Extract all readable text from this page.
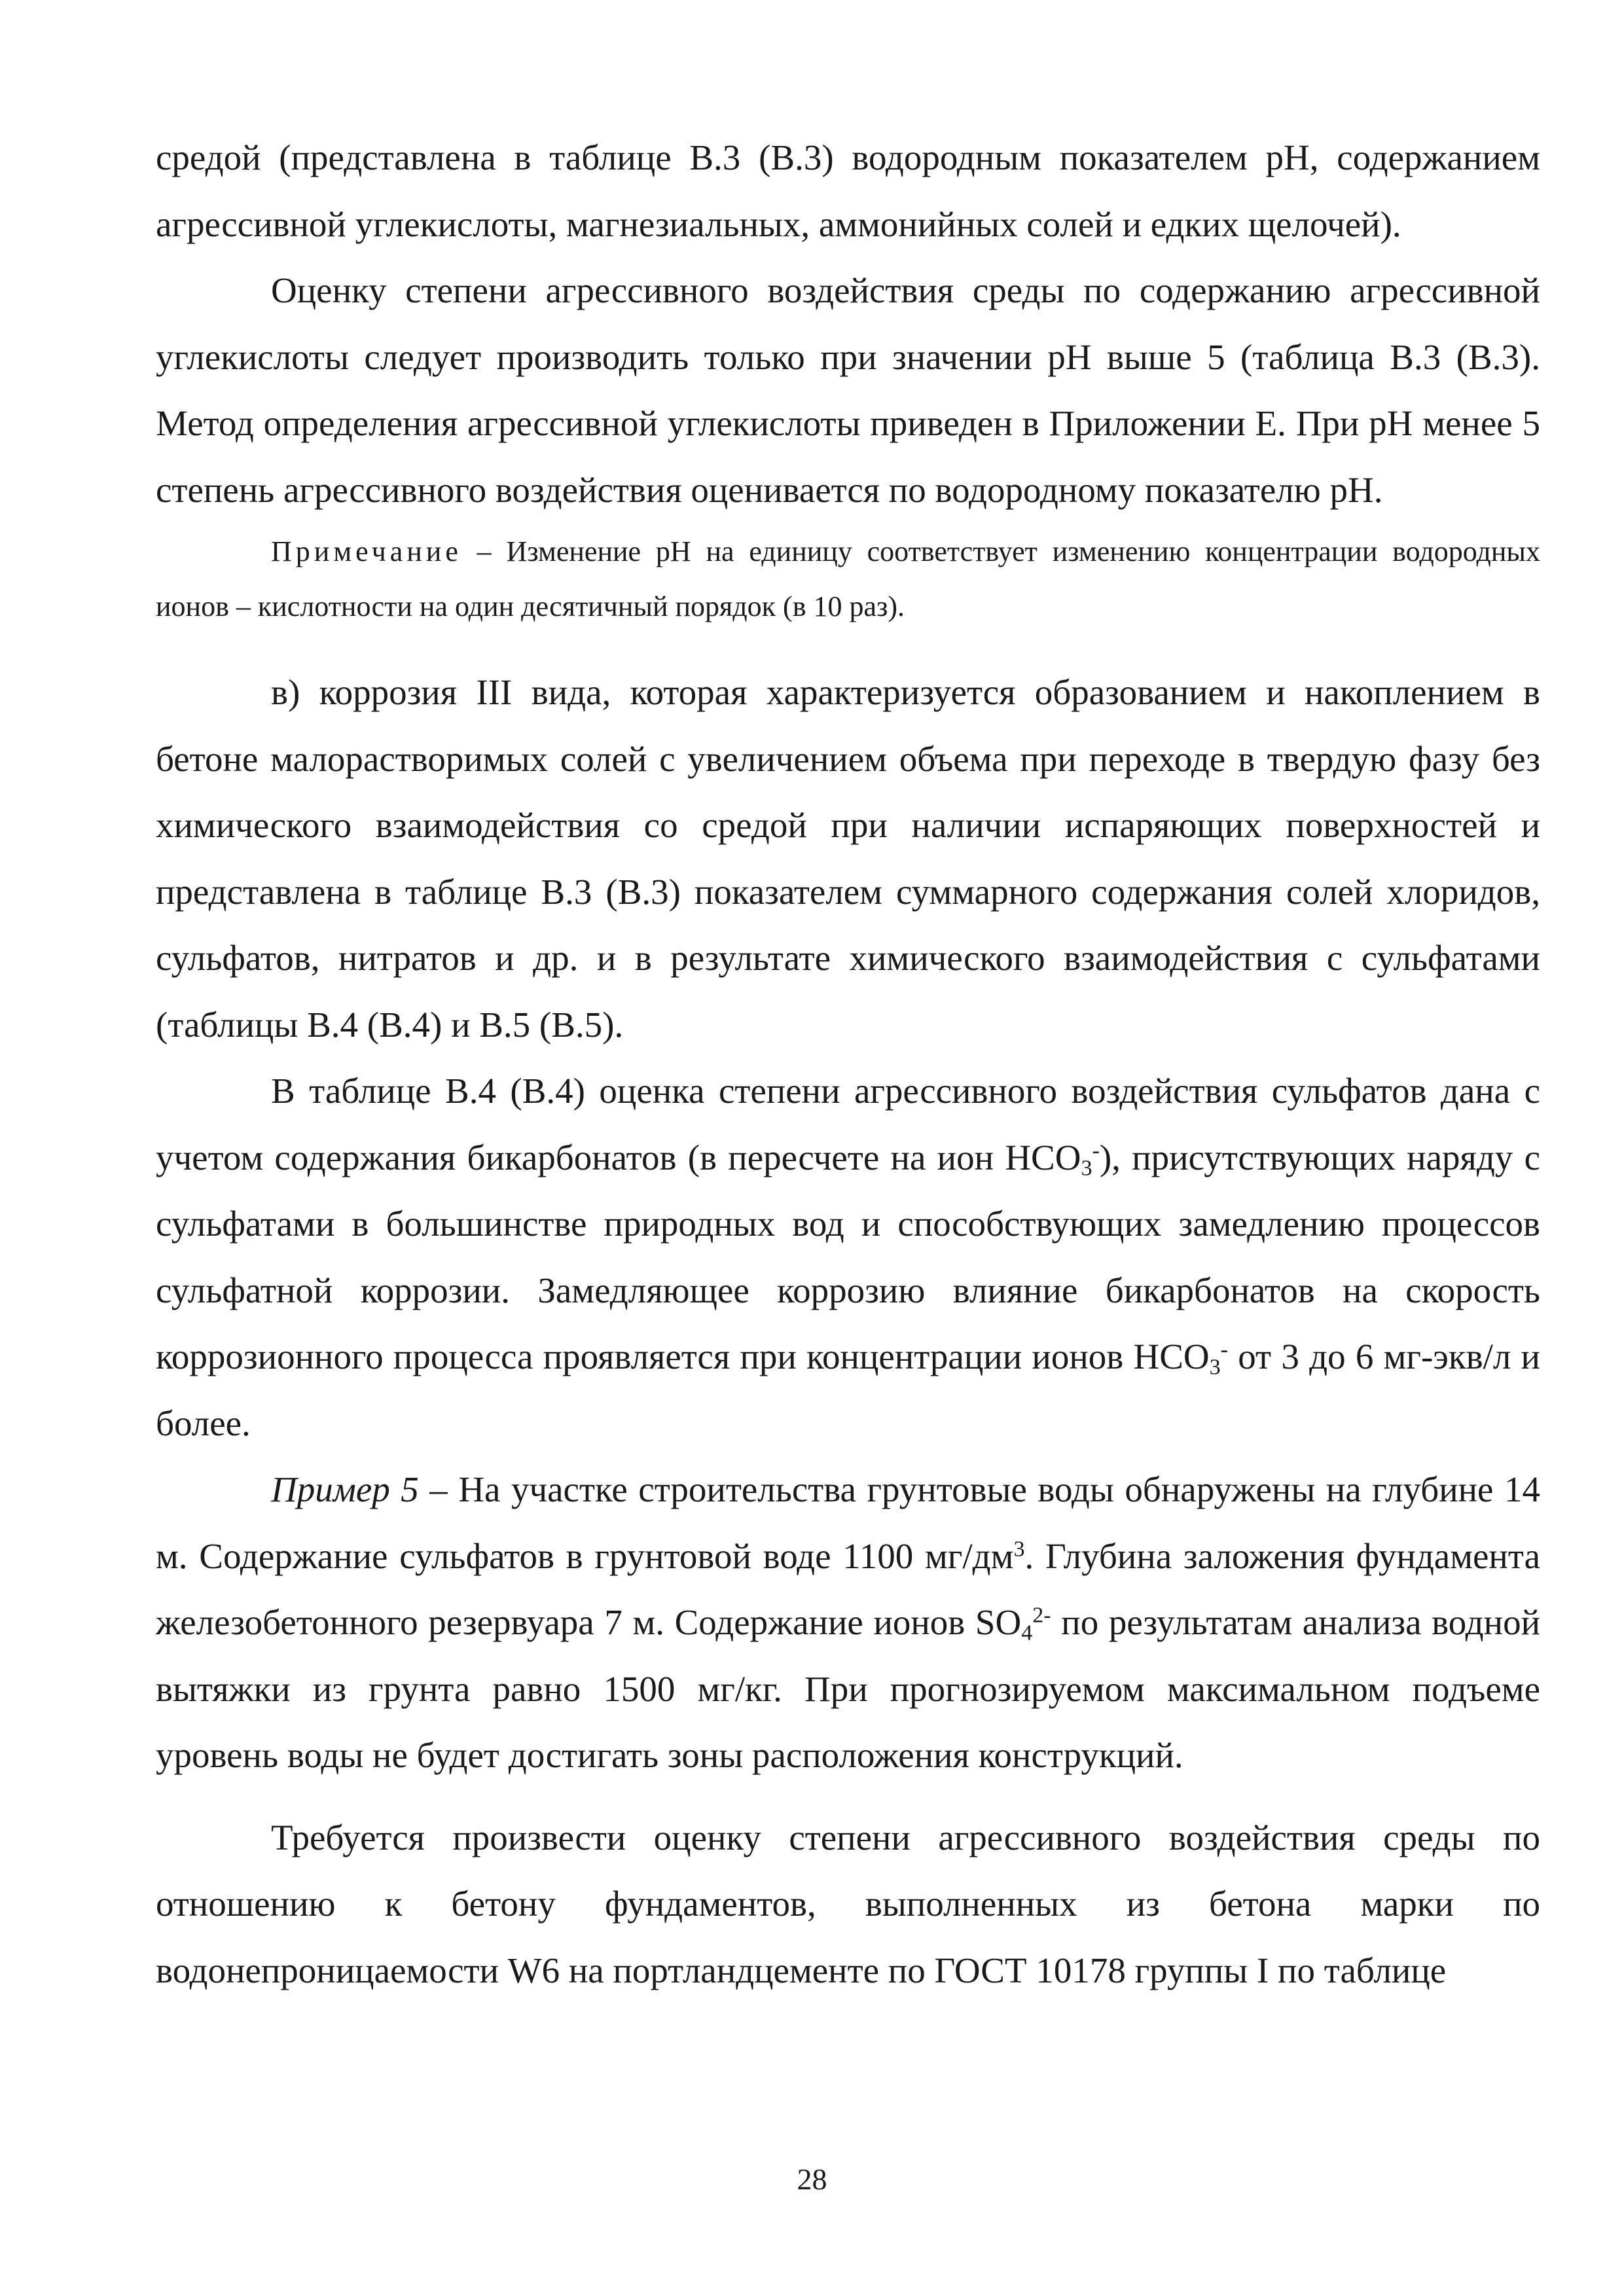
средой (представлена в таблице В.3 (В.3) водородным показателем pH, содержанием агрессивной углекислоты, магнезиальных, аммонийных солей и едких щелочей).

Оценку степени агрессивного воздействия среды по содержанию агрессивной углекислоты следует производить только при значении pH выше 5 (таблица В.3 (В.3). Метод определения агрессивной углекислоты приведен в Приложении Е. При pH менее 5 степень агрессивного воздействия оценивается по водородному показателю pH.

Примечание – Изменение pH на единицу соответствует изменению концентрации водородных ионов – кислотности на один десятичный порядок (в 10 раз).

в) коррозия III вида, которая характеризуется образованием и накоплением в бетоне малорастворимых солей с увеличением объема при переходе в твердую фазу без химического взаимодействия со средой при наличии испаряющих поверхностей и представлена в таблице В.3 (В.3) показателем суммарного содержания солей хлоридов, сульфатов, нитратов и др. и в результате химического взаимодействия с сульфатами (таблицы В.4 (В.4) и В.5 (В.5).

В таблице В.4 (В.4) оценка степени агрессивного воздействия сульфатов дана с учетом содержания бикарбонатов (в пересчете на ион $НСО_3^-$), присутствующих наряду с сульфатами в большинстве природных вод и способствующих замедлению процессов сульфатной коррозии. Замедляющее коррозию влияние бикарбонатов на скорость коррозионного процесса проявляется при концентрации ионов $НСО_3^-$ от 3 до 6 мг-экв/л и более.

Пример 5 – На участке строительства грунтовые воды обнаружены на глубине 14 м. Содержание сульфатов в грунтовой воде 1100 $мг/дм^3$. Глубина заложения фундамента железобетонного резервуара 7 м. Содержание ионов $SO_4^{2-}$ по результатам анализа водной вытяжки из грунта равно 1500 мг/кг. При прогнозируемом максимальном подъеме уровень воды не будет достигать зоны расположения конструкций.

Требуется произвести оценку степени агрессивного воздействия среды по отношению к бетону фундаментов, выполненных из бетона марки по водонепроницаемости W6 на портландцементе по ГОСТ 10178 группы I по таблице

28
